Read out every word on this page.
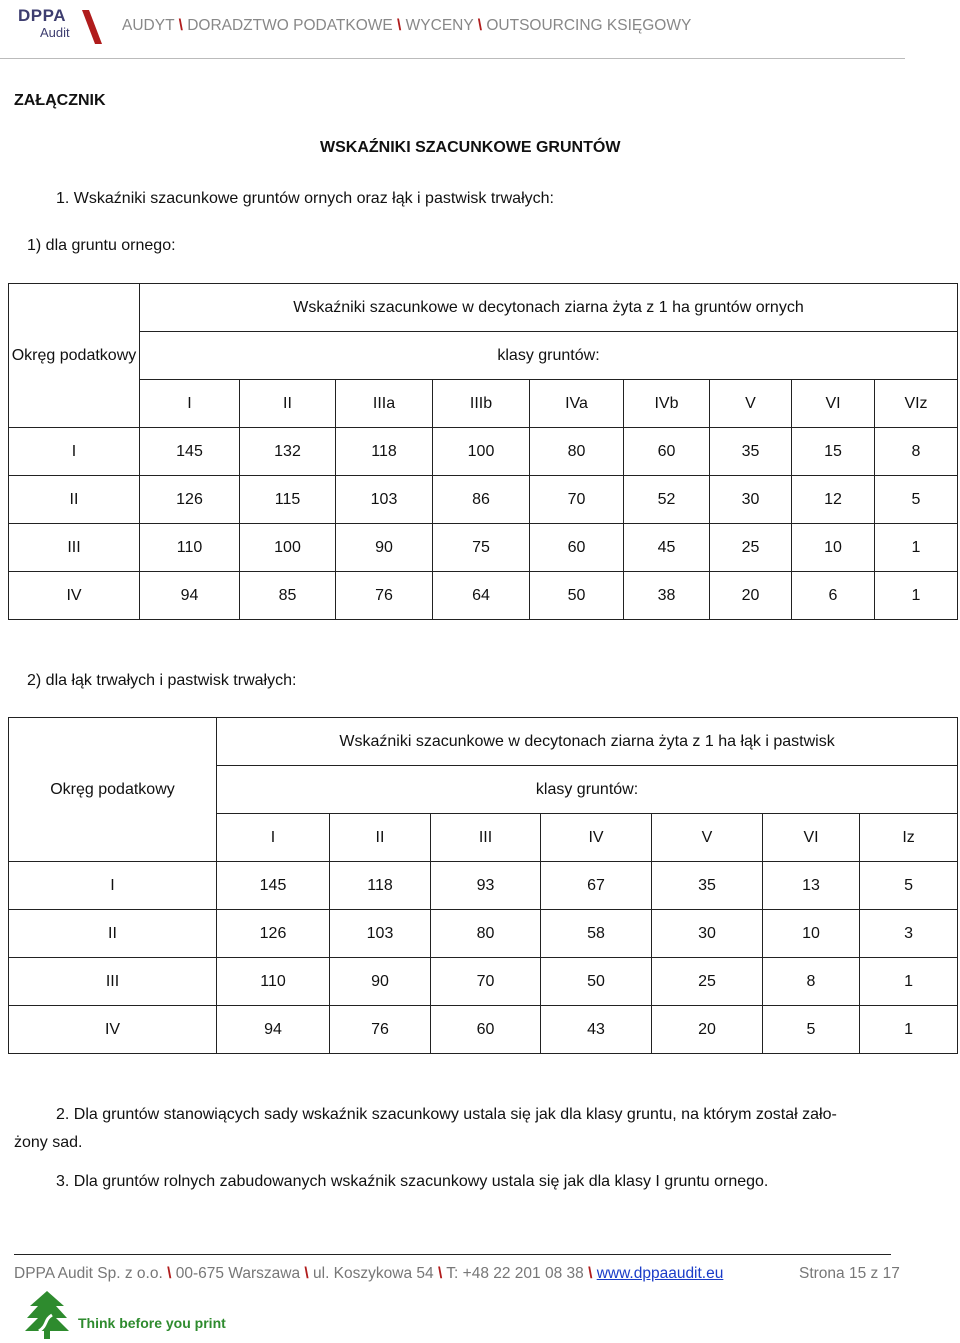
DPPA
Audit	AUDYT \ DORADZTWO PODATKOWE \ WYCENY \ OUTSOURCING KSIĘGOWY
ZAŁĄCZNIK
WSKAŹNIKI SZACUNKOWE GRUNTÓW
1. Wskaźniki szacunkowe gruntów ornych oraz łąk i pastwisk trwałych:
1) dla gruntu ornego:
Okręg podatkowy	Wskaźniki szacunkowe w decytonach ziarna żyta z 1 ha gruntów ornych								
	klasy gruntów:								
	I	II	IIIa	IIIb	IVa	IVb	V	VI	VIz
I	145	132	118	100	80	60	35	15	8
II	126	115	103	86	70	52	30	12	5
III	110	100	90	75	60	45	25	10	1
IV	94	85	76	64	50	38	20	6	1
2) dla łąk trwałych i pastwisk trwałych:
Okręg podatkowy	Wskaźniki szacunkowe w decytonach ziarna żyta z 1 ha łąk i pastwisk						
	klasy gruntów:						
	I	II	III	IV	V	VI	Iz
I	145	118	93	67	35	13	5
II	126	103	80	58	30	10	3
III	110	90	70	50	25	8	1
IV	94	76	60	43	20	5	1
2. Dla gruntów stanowiących sady wskaźnik szacunkowy ustala się jak dla klasy gruntu, na którym został zało-
żony sad.
3. Dla gruntów rolnych zabudowanych wskaźnik szacunkowy ustala się jak dla klasy I gruntu ornego.
DPPA Audit Sp. z o.o. \ 00-675 Warszawa \ ul. Koszykowa 54 \ T: +48 22 201 08 38 \ www.dppaaudit.eu	Strona 15 z 17
Think before you print
